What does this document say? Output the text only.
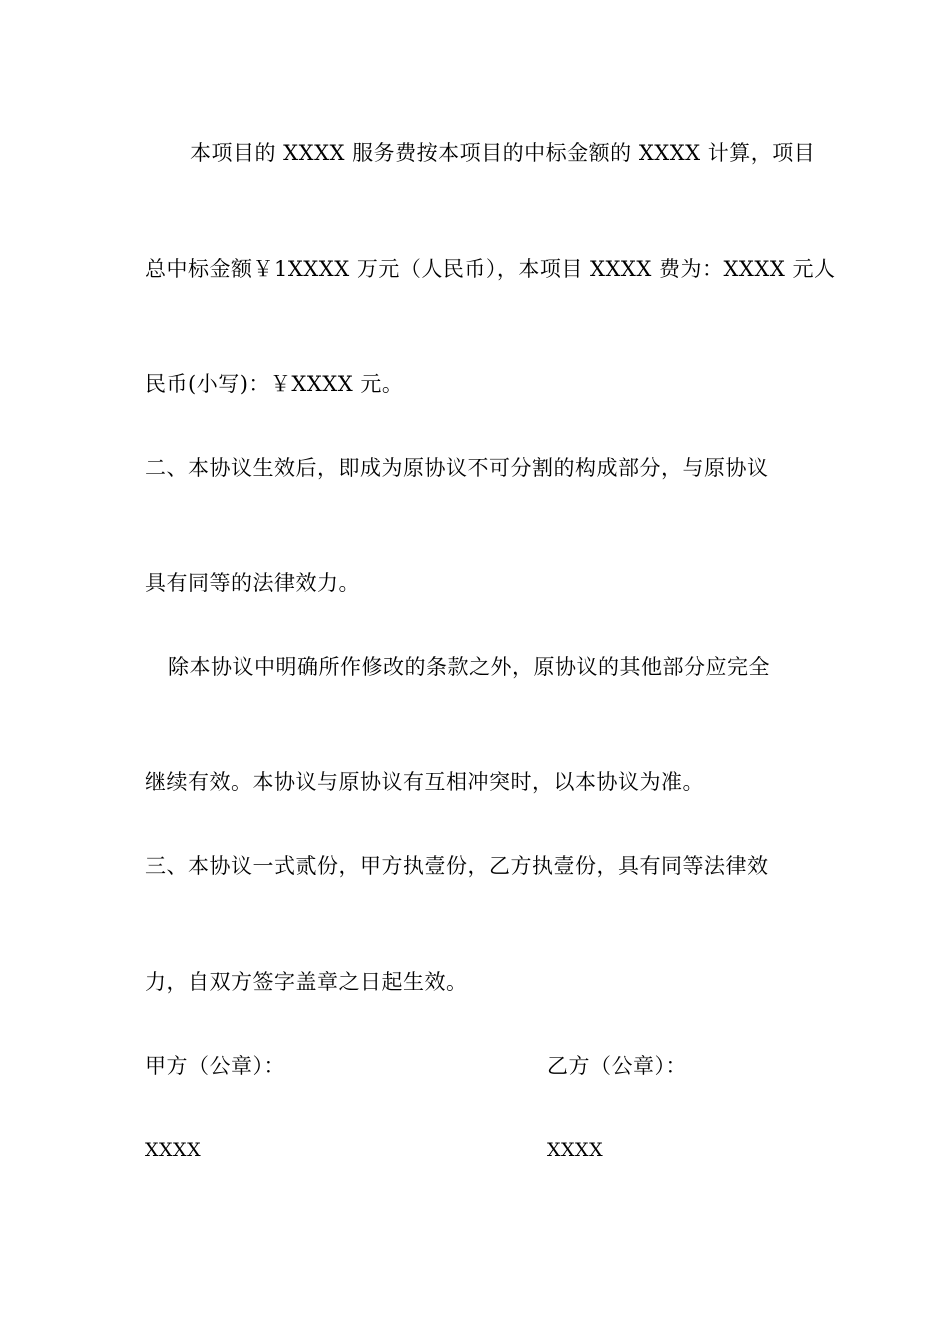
本项目的 XXXX 服务费按本项目的中标金额的 XXXX 计算，项目
总中标金额￥1XXXX 万元（人民币），本项目 XXXX 费为：XXXX 元人
民币(小写)：￥XXXX 元。
二、本协议生效后，即成为原协议不可分割的构成部分，与原协议
具有同等的法律效力。
除本协议中明确所作修改的条款之外，原协议的其他部分应完全
继续有效。本协议与原协议有互相冲突时，以本协议为准。
三、本协议一式贰份，甲方执壹份，乙方执壹份，具有同等法律效
力，自双方签字盖章之日起生效。
甲方（公章）：	乙方（公章）：
XXXX	XXXX
